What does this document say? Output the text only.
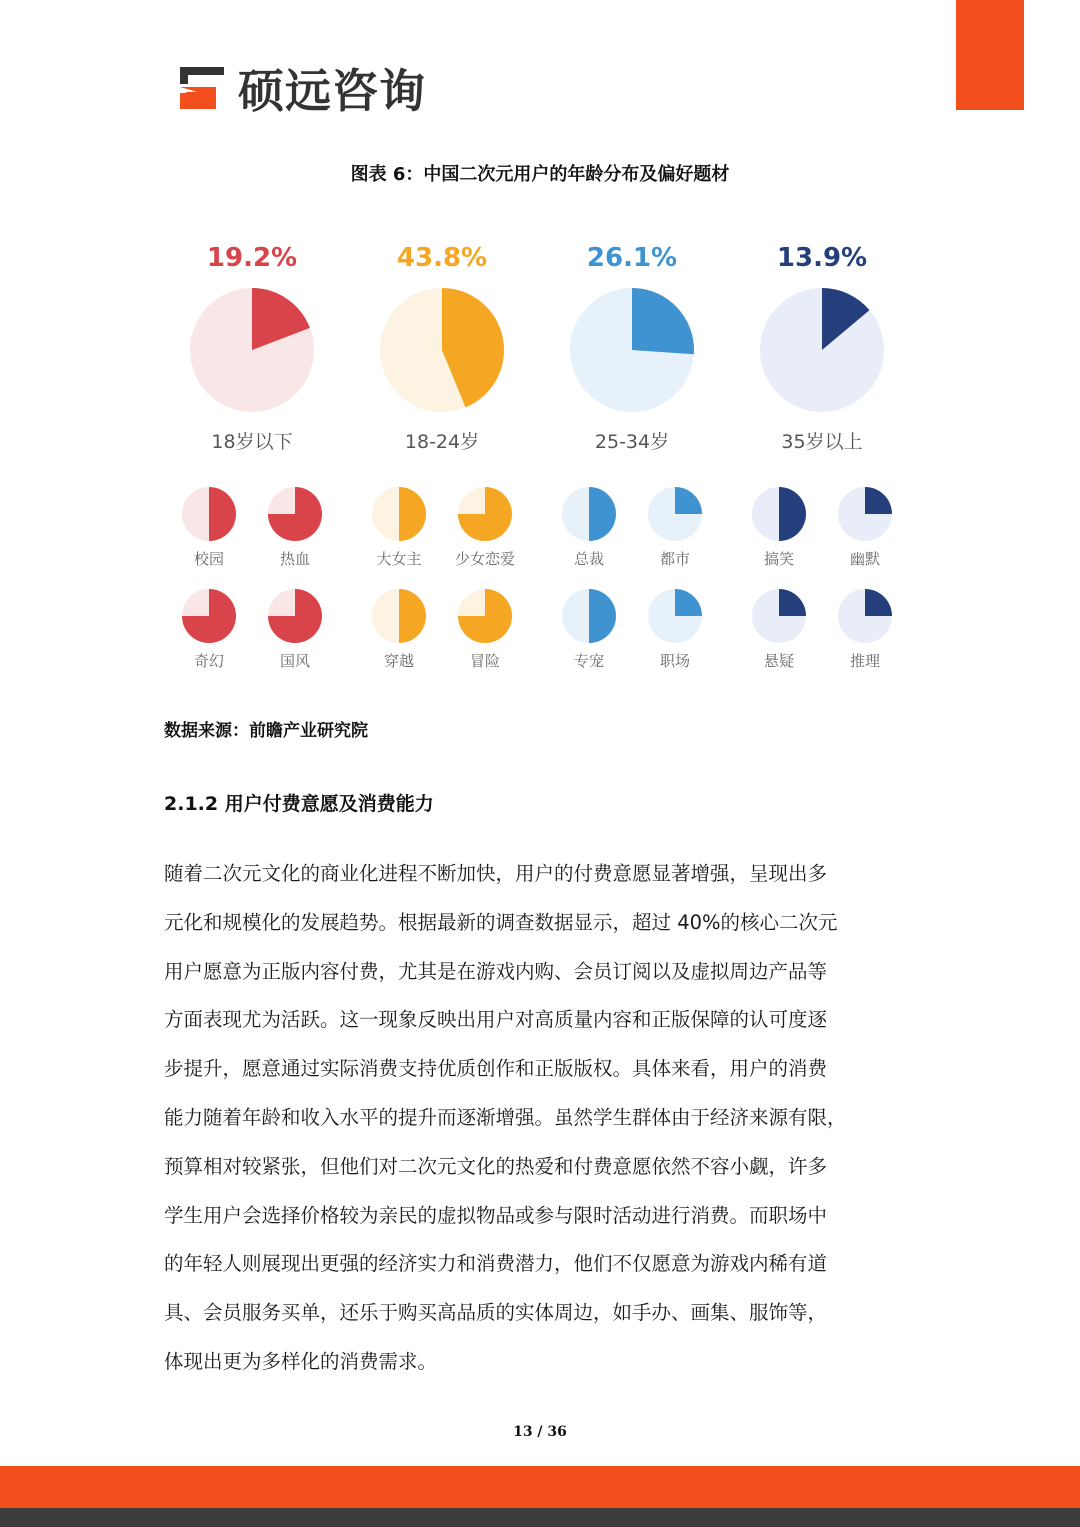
硕远咨询
图表 6：中国二次元用户的年龄分布及偏好题材
19.2%
18岁以下
校园	热血
奇幻	国风
43.8%
18-24岁
大女主 少女恋爱
穿越	冒险
26.1%
25-34岁
总裁	都市
专宠	职场
13.9%
35岁以上
搞笑	幽默
悬疑	推理
数据来源：前瞻产业研究院
2.1.2 用户付费意愿及消费能力

随着二次元文化的商业化进程不断加快，用户的付费意愿显著增强，呈现出多

元化和规模化的发展趋势。根据最新的调查数据显示，超过 40%的核心二次元

用户愿意为正版内容付费，尤其是在游戏内购、会员订阅以及虚拟周边产品等

方面表现尤为活跃。这一现象反映出用户对高质量内容和正版保障的认可度逐

步提升，愿意通过实际消费支持优质创作和正版版权。具体来看，用户的消费

能力随着年龄和收入水平的提升而逐渐增强。虽然学生群体由于经济来源有限，

预算相对较紧张，但他们对二次元文化的热爱和付费意愿依然不容小觑，许多

学生用户会选择价格较为亲民的虚拟物品或参与限时活动进行消费。而职场中

的年轻人则展现出更强的经济实力和消费潜力，他们不仅愿意为游戏内稀有道

具、会员服务买单，还乐于购买高品质的实体周边，如手办、画集、服饰等，

体现出更为多样化的消费需求。

13 / 36
